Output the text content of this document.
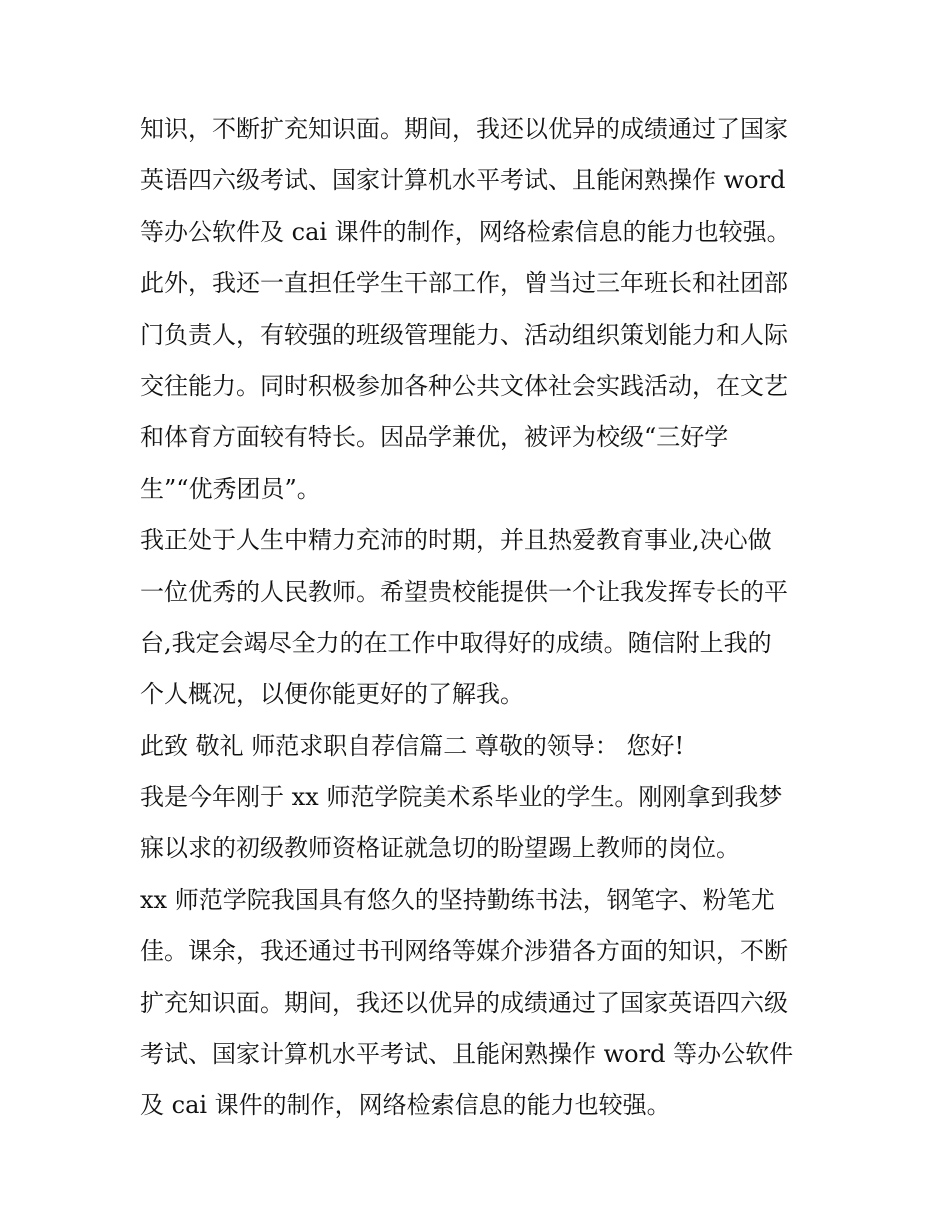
知识，不断扩充知识面。期间，我还以优异的成绩通过了国家
英语四六级考试、国家计算机水平考试、且能闲熟操作 word
等办公软件及 cai 课件的制作，网络检索信息的能力也较强。
此外，我还一直担任学生干部工作，曾当过三年班长和社团部
门负责人，有较强的班级管理能力、活动组织策划能力和人际
交往能力。同时积极参加各种公共文体社会实践活动，在文艺
和体育方面较有特长。因品学兼优，被评为校级“三好学
生”“优秀团员”。
我正处于人生中精力充沛的时期，并且热爱教育事业,决心做
一位优秀的人民教师。希望贵校能提供一个让我发挥专长的平
台,我定会竭尽全力的在工作中取得好的成绩。随信附上我的
个人概况，以便你能更好的了解我。
此致 敬礼 师范求职自荐信篇二 尊敬的领导： 您好!
我是今年刚于 xx 师范学院美术系毕业的学生。刚刚拿到我梦
寐以求的初级教师资格证就急切的盼望踢上教师的岗位。
xx 师范学院我国具有悠久的坚持勤练书法，钢笔字、粉笔尤
佳。课余，我还通过书刊网络等媒介涉猎各方面的知识，不断
扩充知识面。期间，我还以优异的成绩通过了国家英语四六级
考试、国家计算机水平考试、且能闲熟操作 word 等办公软件
及 cai 课件的制作，网络检索信息的能力也较强。
